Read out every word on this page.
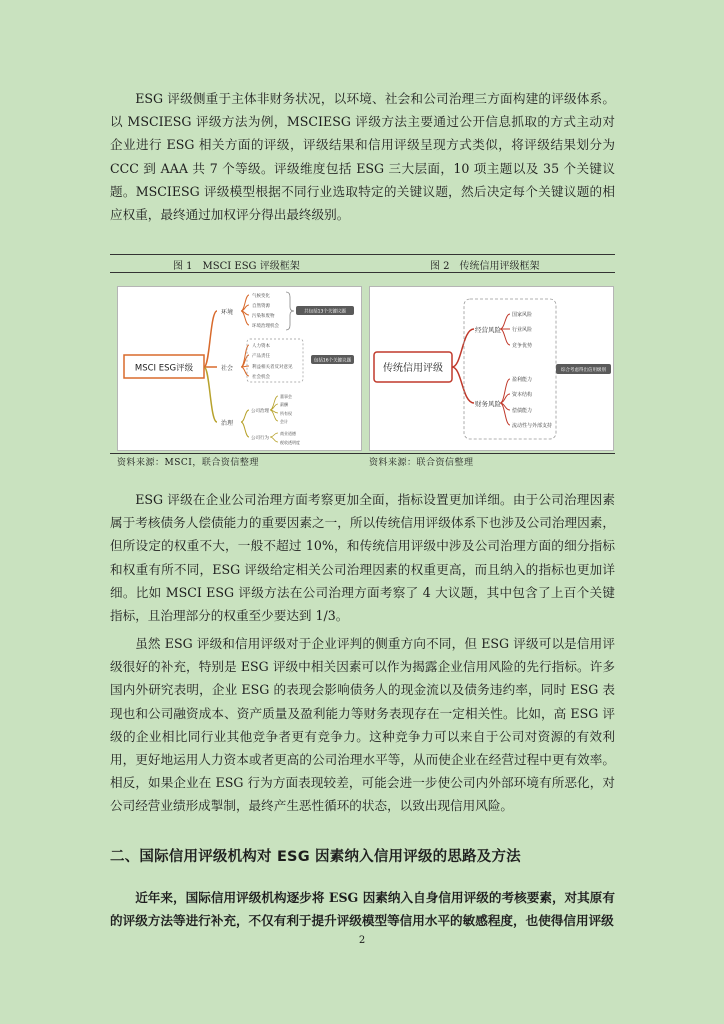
ESG 评级侧重于主体非财务状况，以环境、社会和公司治理三方面构建的评级体系。以 MSCIESG 评级方法为例，MSCIESG 评级方法主要通过公开信息抓取的方式主动对企业进行 ESG 相关方面的评级，评级结果和信用评级呈现方式类似，将评级结果划分为 CCC 到 AAA 共 7 个等级。评级维度包括 ESG 三大层面，10 项主题以及 35 个关键议题。MSCIESG 评级模型根据不同行业选取特定的关键议题，然后决定每个关键议题的相应权重，最终通过加权评分得出最终级别。

图 1　MSCI ESG 评级框架	图 2　传统信用评级框架
MSCI ESG评级
环境
气候变化
自然资源
污染和废物
环境治理机会
共包括13个关键议题
社会
人力资本
产品责任
利益相关者反对意见
社会机会
包括16个关键议题
治理
公司治理
公司行为
董事会
薪酬
所有权
会计
商业道德
税收透明度
传统信用评级
经营风险
财务风险
国家风险
行业风险
竞争优势
盈利能力
资本结构
偿债能力
流动性与外部支持
综合考虑得出信用级别
资料来源：MSCI，联合资信整理	资料来源：联合资信整理

ESG 评级在企业公司治理方面考察更加全面，指标设置更加详细。由于公司治理因素属于考核债务人偿债能力的重要因素之一，所以传统信用评级体系下也涉及公司治理因素，但所设定的权重不大，一般不超过 10%，和传统信用评级中涉及公司治理方面的细分指标和权重有所不同，ESG 评级给定相关公司治理因素的权重更高，而且纳入的指标也更加详细。比如 MSCI ESG 评级方法在公司治理方面考察了 4 大议题，其中包含了上百个关键指标，且治理部分的权重至少要达到 1/3。

虽然 ESG 评级和信用评级对于企业评判的侧重方向不同，但 ESG 评级可以是信用评级很好的补充，特别是 ESG 评级中相关因素可以作为揭露企业信用风险的先行指标。许多国内外研究表明，企业 ESG 的表现会影响债务人的现金流以及债务违约率，同时 ESG 表现也和公司融资成本、资产质量及盈利能力等财务表现存在一定相关性。比如，高 ESG 评级的企业相比同行业其他竞争者更有竞争力。这种竞争力可以来自于公司对资源的有效利用，更好地运用人力资本或者更高的公司治理水平等，从而使企业在经营过程中更有效率。相反，如果企业在 ESG 行为方面表现较差，可能会进一步使公司内外部环境有所恶化，对公司经营业绩形成掣制，最终产生恶性循环的状态，以致出现信用风险。

二、国际信用评级机构对 ESG 因素纳入信用评级的思路及方法

近年来，国际信用评级机构逐步将 ESG 因素纳入自身信用评级的考核要素，对其原有的评级方法等进行补充，不仅有利于提升评级模型等信用水平的敏感程度，也使得信用评级

2
